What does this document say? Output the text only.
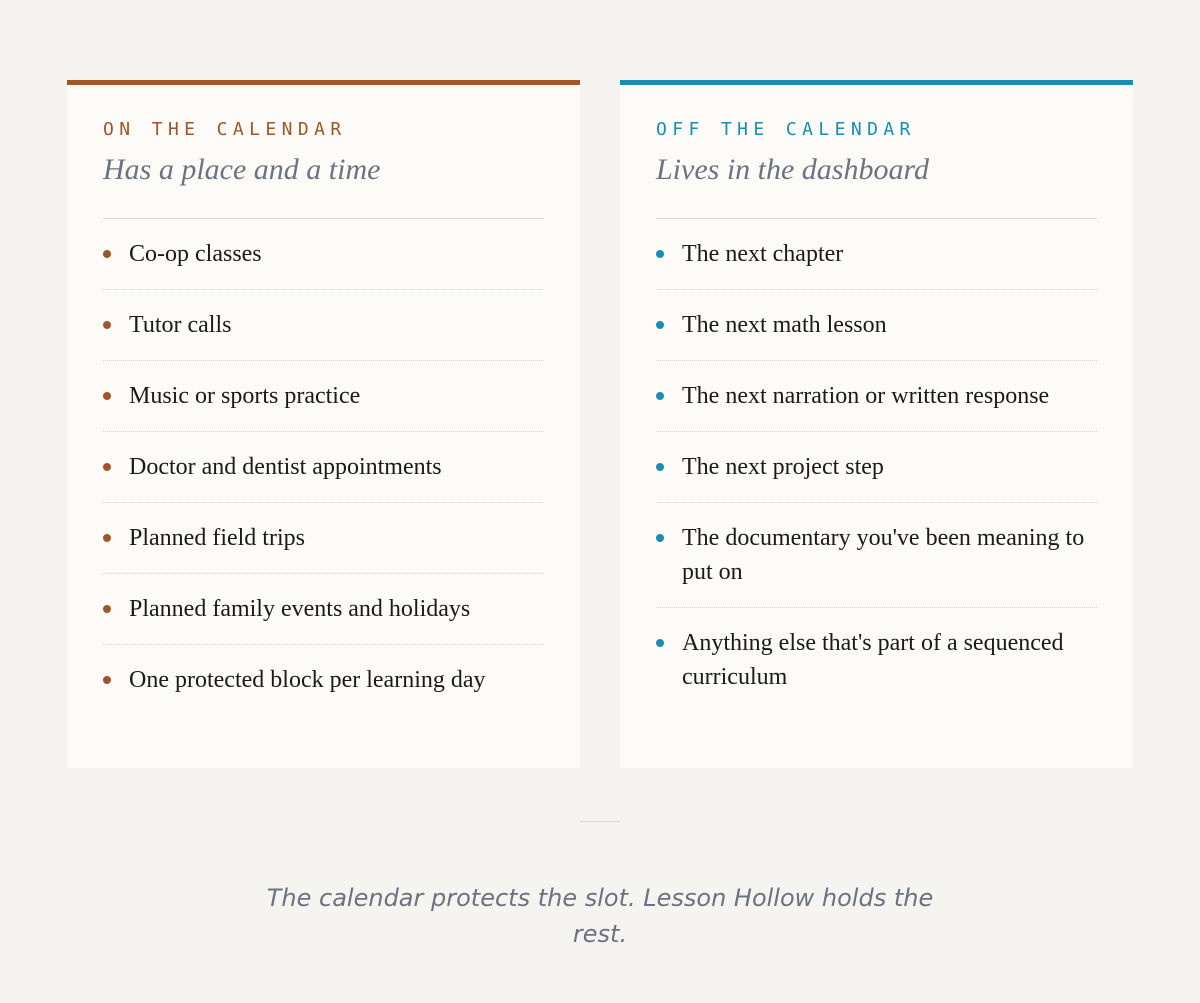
ON THE CALENDAR
Has a place and a time
Co-op classes
Tutor calls
Music or sports practice
Doctor and dentist appointments
Planned field trips
Planned family events and holidays
One protected block per learning day
OFF THE CALENDAR
Lives in the dashboard
The next chapter
The next math lesson
The next narration or written response
The next project step
The documentary you've been meaning to put on
Anything else that's part of a sequenced curriculum

The calendar protects the slot. Lesson Hollow holds the rest.
